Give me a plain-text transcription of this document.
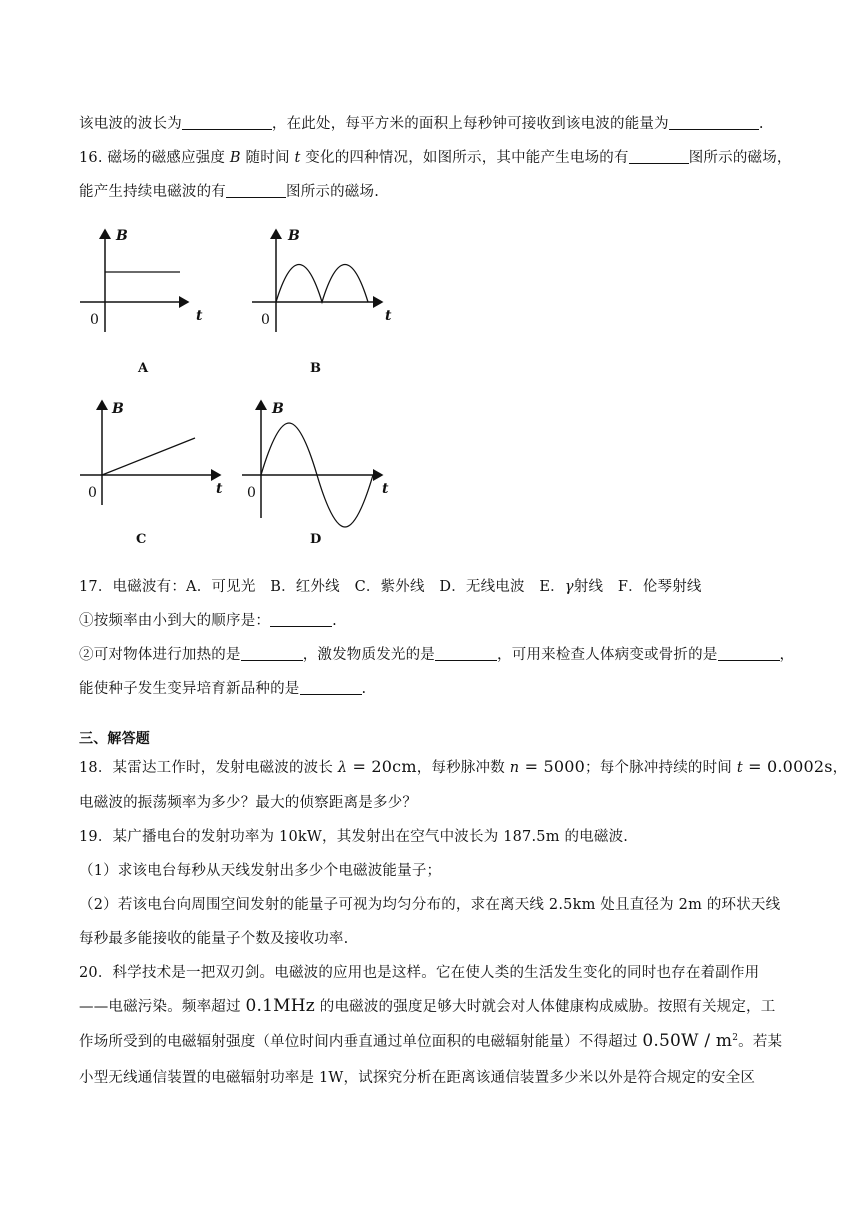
该电波的波长为	，在此处，每平方米的面积上每秒钟可接收到该电波的能量为	.
16. 磁场的磁感应强度 B 随时间 t 变化的四种情况，如图所示，其中能产生电场的有	图所示的磁场，
能产生持续电磁波的有	图所示的磁场.
B
t
0
A
B
t
0
B
B
t
0
C
B
t
0
D
17．电磁波有：A．可见光　B．红外线　C．紫外线　D．无线电波　E．γ射线　F．伦琴射线
①按频率由小到大的顺序是：	.
②可对物体进行加热的是	，激发物质发光的是	，可用来检查人体病变或骨折的是	，
能使种子发生变异培育新品种的是	.
三、解答题
18．某雷达工作时，发射电磁波的波长 λ = 20cm，每秒脉冲数 n = 5000；每个脉冲持续的时间 t = 0.0002s，
电磁波的振荡频率为多少？最大的侦察距离是多少？
19．某广播电台的发射功率为 10kW，其发射出在空气中波长为 187.5m 的电磁波.
（1）求该电台每秒从天线发射出多少个电磁波能量子；
（2）若该电台向周围空间发射的能量子可视为均匀分布的，求在离天线 2.5km 处且直径为 2m 的环状天线
每秒最多能接收的能量子个数及接收功率.
20．科学技术是一把双刃剑。电磁波的应用也是这样。它在使人类的生活发生变化的同时也存在着副作用
——电磁污染。频率超过 0.1MHz 的电磁波的强度足够大时就会对人体健康构成威胁。按照有关规定，工
作场所受到的电磁辐射强度（单位时间内垂直通过单位面积的电磁辐射能量）不得超过 $0.50W / m^2$。若某
小型无线通信装置的电磁辐射功率是 1W，试探究分析在距离该通信装置多少米以外是符合规定的安全区
